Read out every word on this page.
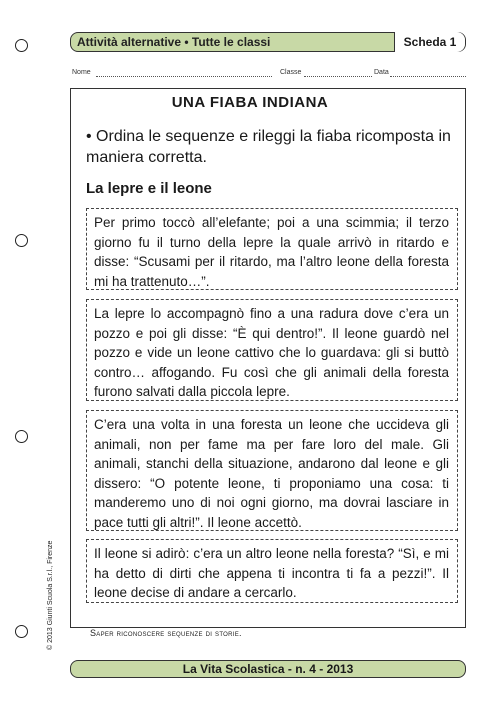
Attività alternative • Tutte le classi	Scheda 1
Nome	Classe	Data
UNA FIABA INDIANA
• Ordina le sequenze e rileggi la fiaba ricomposta in maniera corretta.
La lepre e il leone
Per primo toccò all’elefante; poi a una scimmia; il terzo giorno fu il turno della lepre la quale arrivò in ritardo e disse: “Scusami per il ritardo, ma l’altro leone della foresta mi ha trattenuto…”.
La lepre lo accompagnò fino a una radura dove c’era un pozzo e poi gli disse: “È qui dentro!”. Il leone guardò nel pozzo e vide un leone cattivo che lo guardava: gli si buttò contro… affogando. Fu così che gli animali della foresta furono salvati dalla piccola lepre.
C’era una volta in una foresta un leone che uccideva gli animali, non per fame ma per fare loro del male. Gli animali, stanchi della situazione, andarono dal leone e gli dissero: “O potente leone, ti proponiamo una cosa: ti manderemo uno di noi ogni giorno, ma dovrai lasciare in pace tutti gli altri!”. Il leone accettò.
Il leone si adirò: c’era un altro leone nella foresta? “Sì, e mi ha detto di dirti che appena ti incontra ti fa a pezzi!”. Il leone decise di andare a cercarlo.
Saper riconoscere sequenze di storie.
© 2013 Giunti Scuola S.r.l., Firenze
La Vita Scolastica - n. 4 - 2013
